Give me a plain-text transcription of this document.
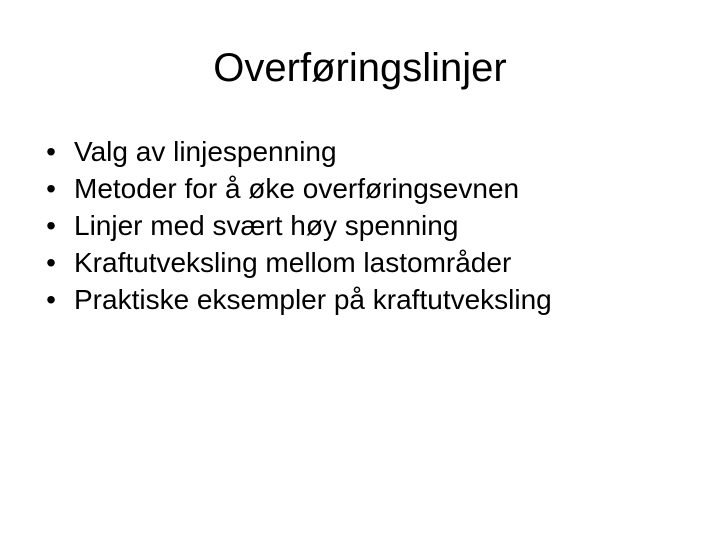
Overføringslinjer
• Valg av linjespenning
• Metoder for å øke overføringsevnen
• Linjer med svært høy spenning
• Kraftutveksling mellom lastområder
• Praktiske eksempler på kraftutveksling
